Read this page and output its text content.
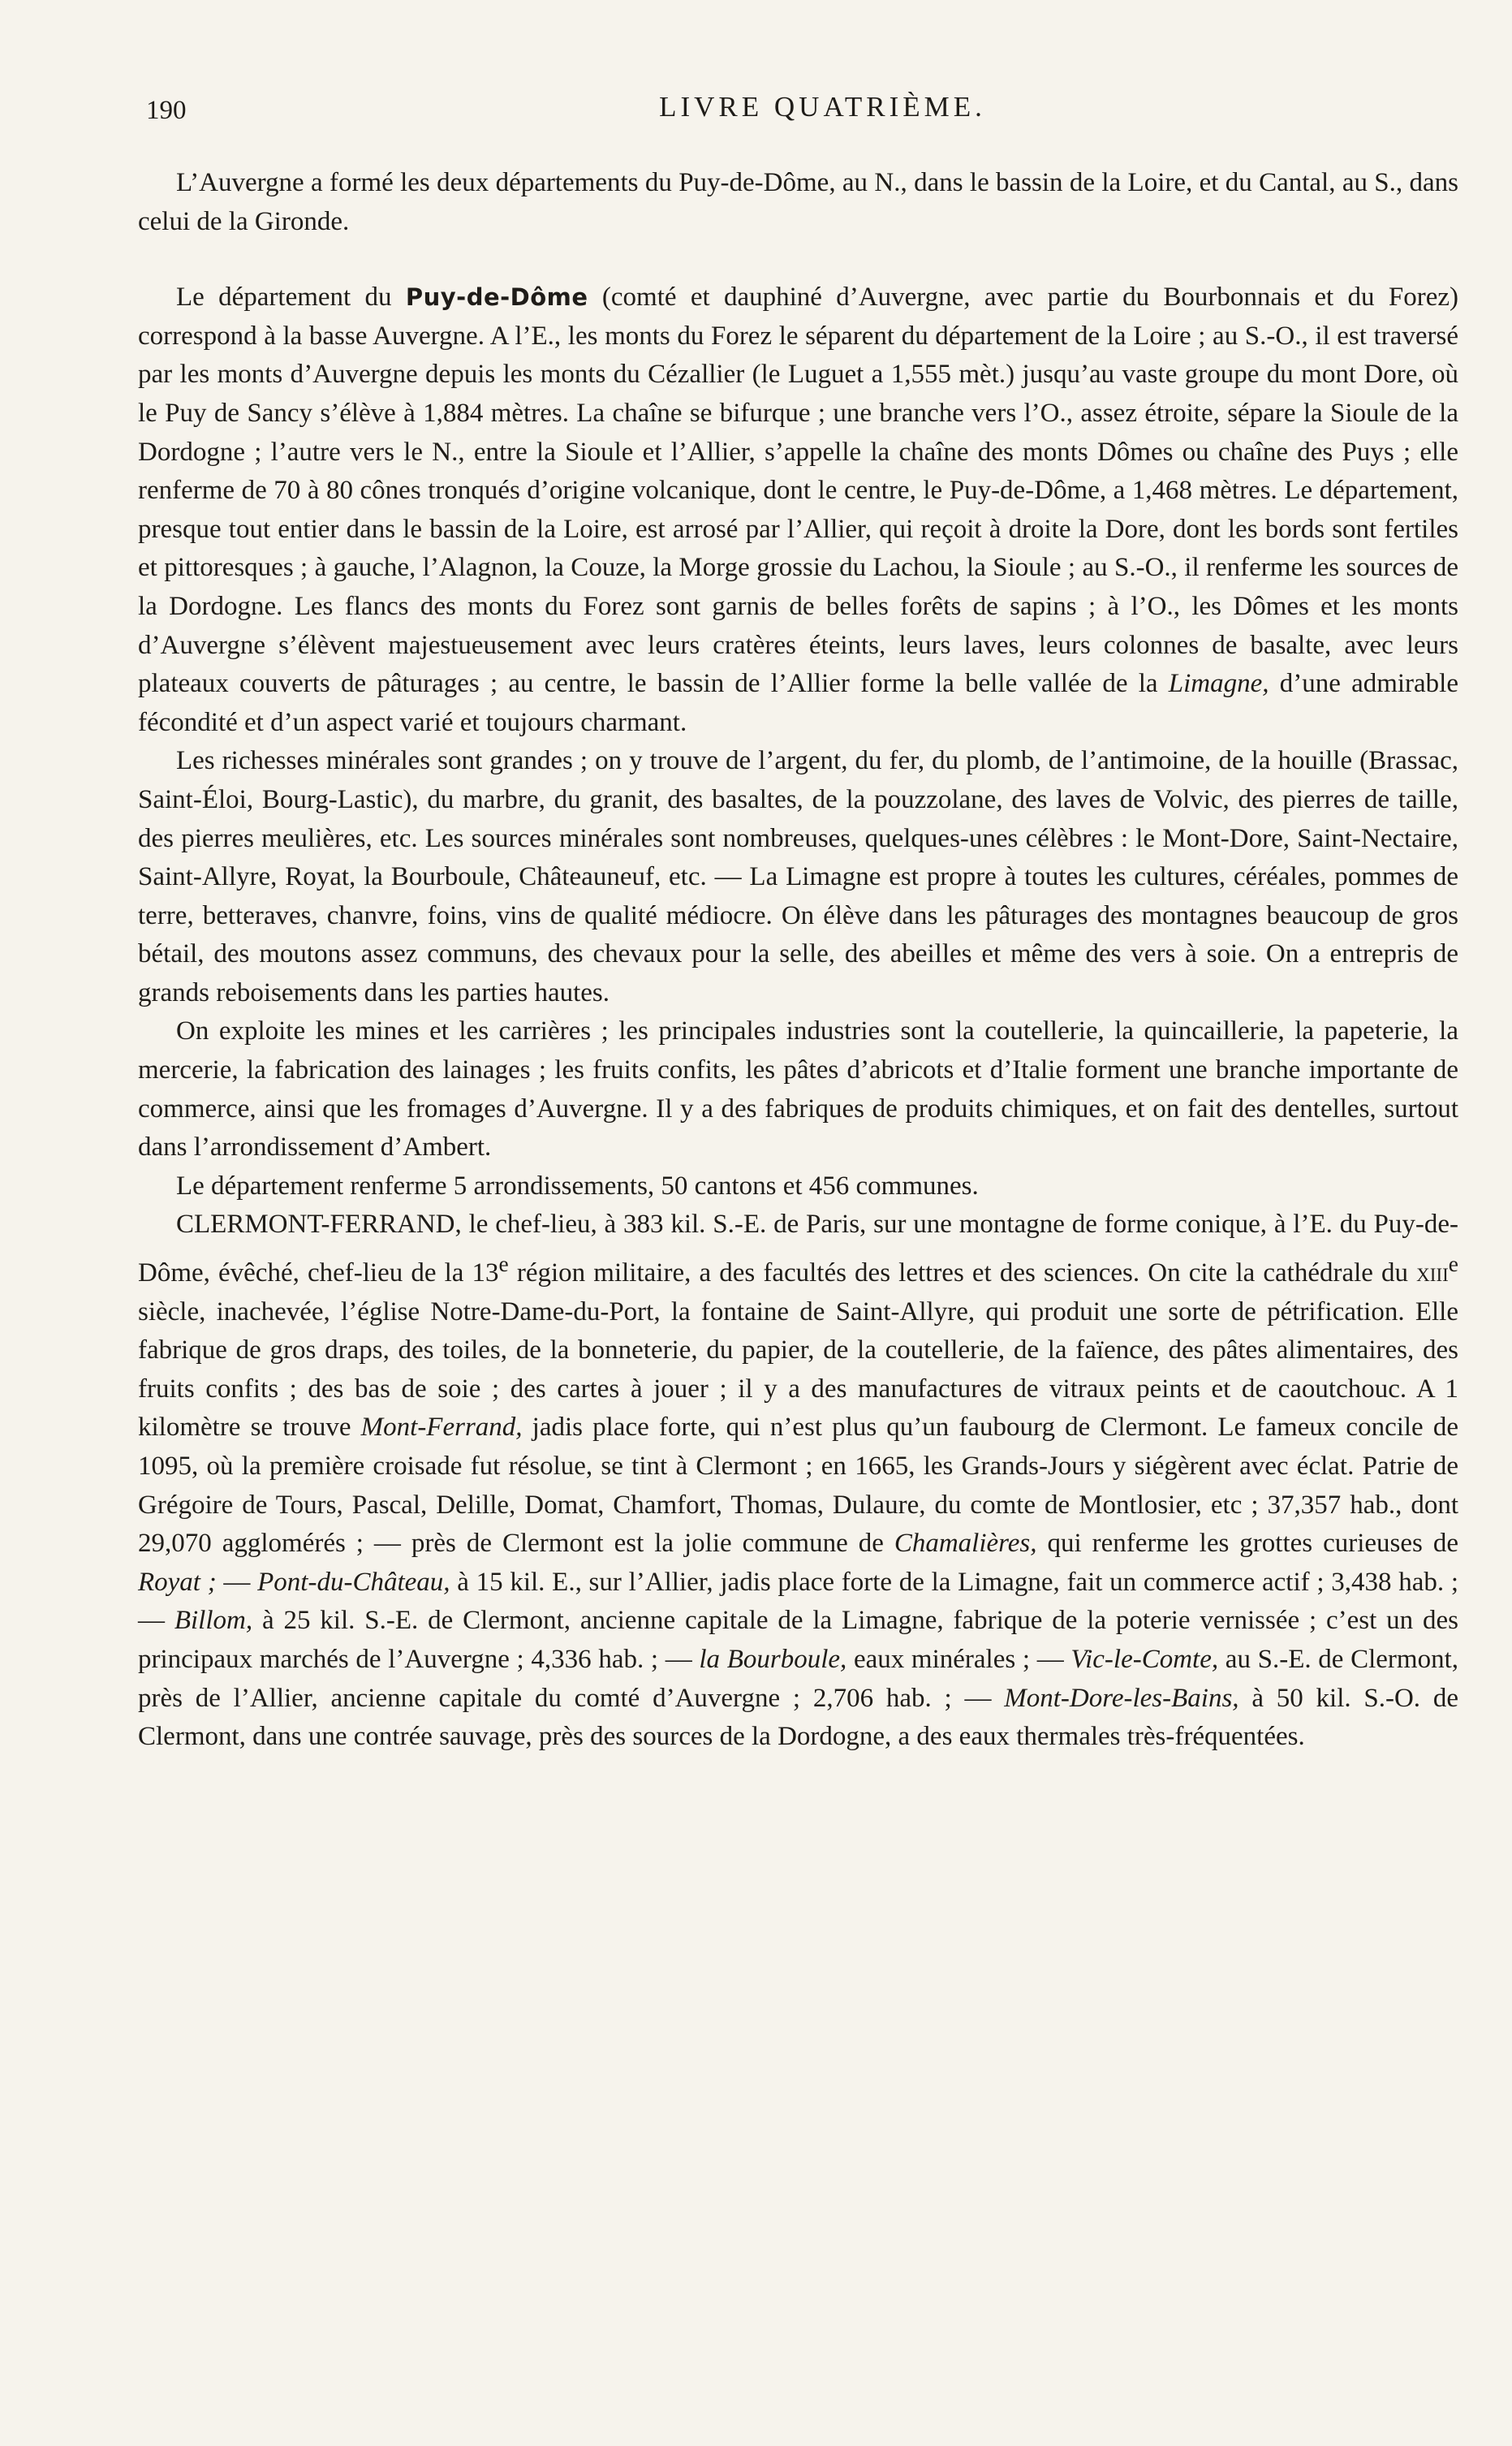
190	LIVRE QUATRIÈME.

L’Auvergne a formé les deux départements du Puy-de-Dôme, au N., dans le bassin de la Loire, et du Cantal, au S., dans celui de la Gironde.

Le département du Puy-de-Dôme (comté et dauphiné d’Auvergne, avec partie du Bourbonnais et du Forez) correspond à la basse Auvergne. A l’E., les monts du Forez le séparent du département de la Loire ; au S.-O., il est traversé par les monts d’Auvergne depuis les monts du Cézallier (le Luguet a 1,555 mèt.) jusqu’au vaste groupe du mont Dore, où le Puy de Sancy s’élève à 1,884 mètres. La chaîne se bifurque ; une branche vers l’O., assez étroite, sépare la Sioule de la Dordogne ; l’autre vers le N., entre la Sioule et l’Allier, s’appelle la chaîne des monts Dômes ou chaîne des Puys ; elle renferme de 70 à 80 cônes tronqués d’origine volcanique, dont le centre, le Puy-de-Dôme, a 1,468 mètres. Le département, presque tout entier dans le bassin de la Loire, est arrosé par l’Allier, qui reçoit à droite la Dore, dont les bords sont fertiles et pittoresques ; à gauche, l’Alagnon, la Couze, la Morge grossie du Lachou, la Sioule ; au S.-O., il renferme les sources de la Dordogne. Les flancs des monts du Forez sont garnis de belles forêts de sapins ; à l’O., les Dômes et les monts d’Auvergne s’élèvent majestueusement avec leurs cratères éteints, leurs laves, leurs colonnes de basalte, avec leurs plateaux couverts de pâturages ; au centre, le bassin de l’Allier forme la belle vallée de la Limagne, d’une admirable fécondité et d’un aspect varié et toujours charmant.

Les richesses minérales sont grandes ; on y trouve de l’argent, du fer, du plomb, de l’antimoine, de la houille (Brassac, Saint-Éloi, Bourg-Lastic), du marbre, du granit, des basaltes, de la pouzzolane, des laves de Volvic, des pierres de taille, des pierres meulières, etc. Les sources minérales sont nombreuses, quelques-unes célèbres : le Mont-Dore, Saint-Nectaire, Saint-Allyre, Royat, la Bourboule, Châteauneuf, etc. — La Limagne est propre à toutes les cultures, céréales, pommes de terre, betteraves, chanvre, foins, vins de qualité médiocre. On élève dans les pâturages des montagnes beaucoup de gros bétail, des moutons assez communs, des chevaux pour la selle, des abeilles et même des vers à soie. On a entrepris de grands reboisements dans les parties hautes.

On exploite les mines et les carrières ; les principales industries sont la coutellerie, la quincaillerie, la papeterie, la mercerie, la fabrication des lainages ; les fruits confits, les pâtes d’abricots et d’Italie forment une branche importante de commerce, ainsi que les fromages d’Auvergne. Il y a des fabriques de produits chimiques, et on fait des dentelles, surtout dans l’arrondissement d’Ambert.

Le département renferme 5 arrondissements, 50 cantons et 456 communes.

CLERMONT-FERRAND, le chef-lieu, à 383 kil. S.-E. de Paris, sur une montagne de forme conique, à l’E. du Puy-de-Dôme, évêché, chef-lieu de la 13e région militaire, a des facultés des lettres et des sciences. On cite la cathédrale du xiii$^e$ siècle, inachevée, l’église Notre-Dame-du-Port, la fontaine de Saint-Allyre, qui produit une sorte de pétrification. Elle fabrique de gros draps, des toiles, de la bonneterie, du papier, de la coutellerie, de la faïence, des pâtes alimentaires, des fruits confits ; des bas de soie ; des cartes à jouer ; il y a des manufactures de vitraux peints et de caoutchouc. A 1 kilomètre se trouve Mont-Ferrand, jadis place forte, qui n’est plus qu’un faubourg de Clermont. Le fameux concile de 1095, où la première croisade fut résolue, se tint à Clermont ; en 1665, les Grands-Jours y siégèrent avec éclat. Patrie de Grégoire de Tours, Pascal, Delille, Domat, Chamfort, Thomas, Dulaure, du comte de Montlosier, etc ; 37,357 hab., dont 29,070 agglomérés ; — près de Clermont est la jolie commune de Chamalières, qui renferme les grottes curieuses de Royat ; — Pont-du-Château, à 15 kil. E., sur l’Allier, jadis place forte de la Limagne, fait un commerce actif ; 3,438 hab. ; — Billom, à 25 kil. S.-E. de Clermont, ancienne capitale de la Limagne, fabrique de la poterie vernissée ; c’est un des principaux marchés de l’Auvergne ; 4,336 hab. ; — la Bourboule, eaux minérales ; — Vic-le-Comte, au S.-E. de Clermont, près de l’Allier, ancienne capitale du comté d’Auvergne ; 2,706 hab. ; — Mont-Dore-les-Bains, à 50 kil. S.-O. de Clermont, dans une contrée sauvage, près des sources de la Dordogne, a des eaux thermales très-fréquentées.
